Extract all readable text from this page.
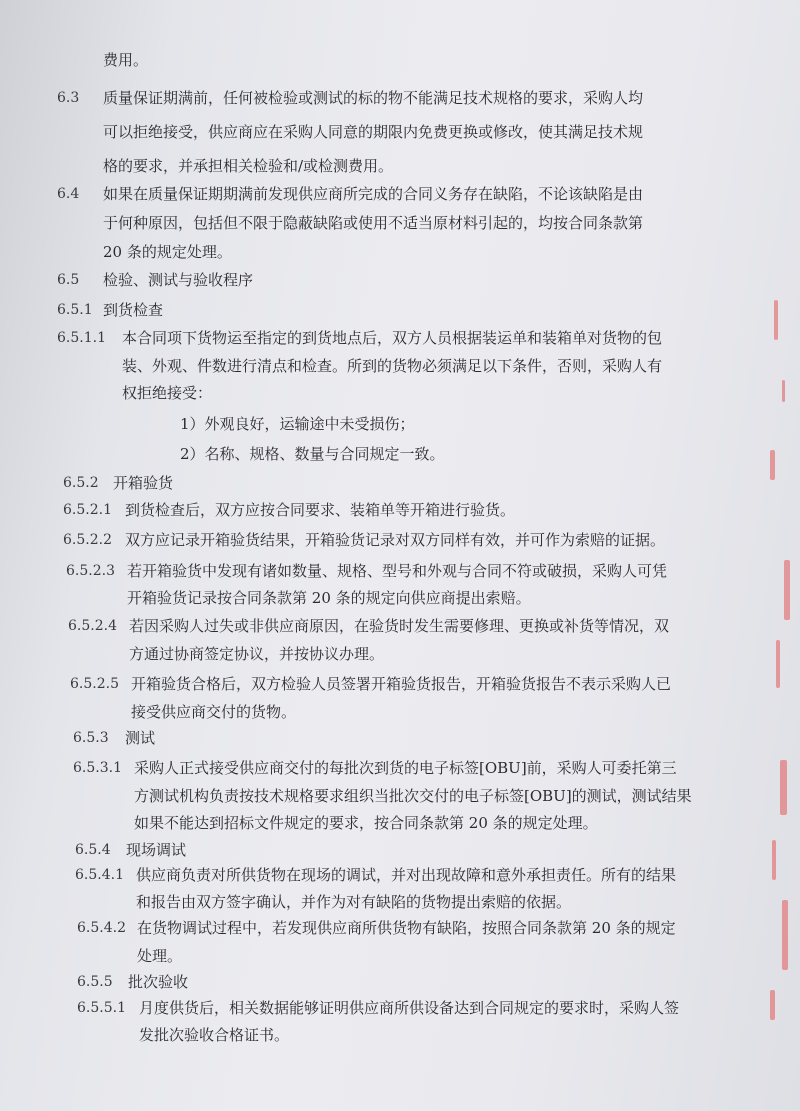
费用。
6.3 质量保证期满前，任何被检验或测试的标的物不能满足技术规格的要求，采购人均
可以拒绝接受，供应商应在采购人同意的期限内免费更换或修改，使其满足技术规
格的要求，并承担相关检验和/或检测费用。
6.4 如果在质量保证期期满前发现供应商所完成的合同义务存在缺陷，不论该缺陷是由
于何种原因，包括但不限于隐蔽缺陷或使用不适当原材料引起的，均按合同条款第
20 条的规定处理。
6.5 检验、测试与验收程序
6.5.1 到货检查
6.5.1.1 本合同项下货物运至指定的到货地点后，双方人员根据装运单和装箱单对货物的包
装、外观、件数进行清点和检查。所到的货物必须满足以下条件，否则，采购人有
权拒绝接受：
1）外观良好，运输途中未受损伤；
2）名称、规格、数量与合同规定一致。
6.5.2 开箱验货
6.5.2.1 到货检查后，双方应按合同要求、装箱单等开箱进行验货。
6.5.2.2 双方应记录开箱验货结果，开箱验货记录对双方同样有效，并可作为索赔的证据。
6.5.2.3 若开箱验货中发现有诸如数量、规格、型号和外观与合同不符或破损，采购人可凭
开箱验货记录按合同条款第 20 条的规定向供应商提出索赔。
6.5.2.4 若因采购人过失或非供应商原因，在验货时发生需要修理、更换或补货等情况，双
方通过协商签定协议，并按协议办理。
6.5.2.5 开箱验货合格后，双方检验人员签署开箱验货报告，开箱验货报告不表示采购人已
接受供应商交付的货物。
6.5.3 测试
6.5.3.1 采购人正式接受供应商交付的每批次到货的电子标签[OBU]前，采购人可委托第三
方测试机构负责按技术规格要求组织当批次交付的电子标签[OBU]的测试，测试结果
如果不能达到招标文件规定的要求，按合同条款第 20 条的规定处理。
6.5.4 现场调试
6.5.4.1 供应商负责对所供货物在现场的调试，并对出现故障和意外承担责任。所有的结果
和报告由双方签字确认，并作为对有缺陷的货物提出索赔的依据。
6.5.4.2 在货物调试过程中，若发现供应商所供货物有缺陷，按照合同条款第 20 条的规定
处理。
6.5.5 批次验收
6.5.5.1 月度供货后，相关数据能够证明供应商所供设备达到合同规定的要求时，采购人签
发批次验收合格证书。
